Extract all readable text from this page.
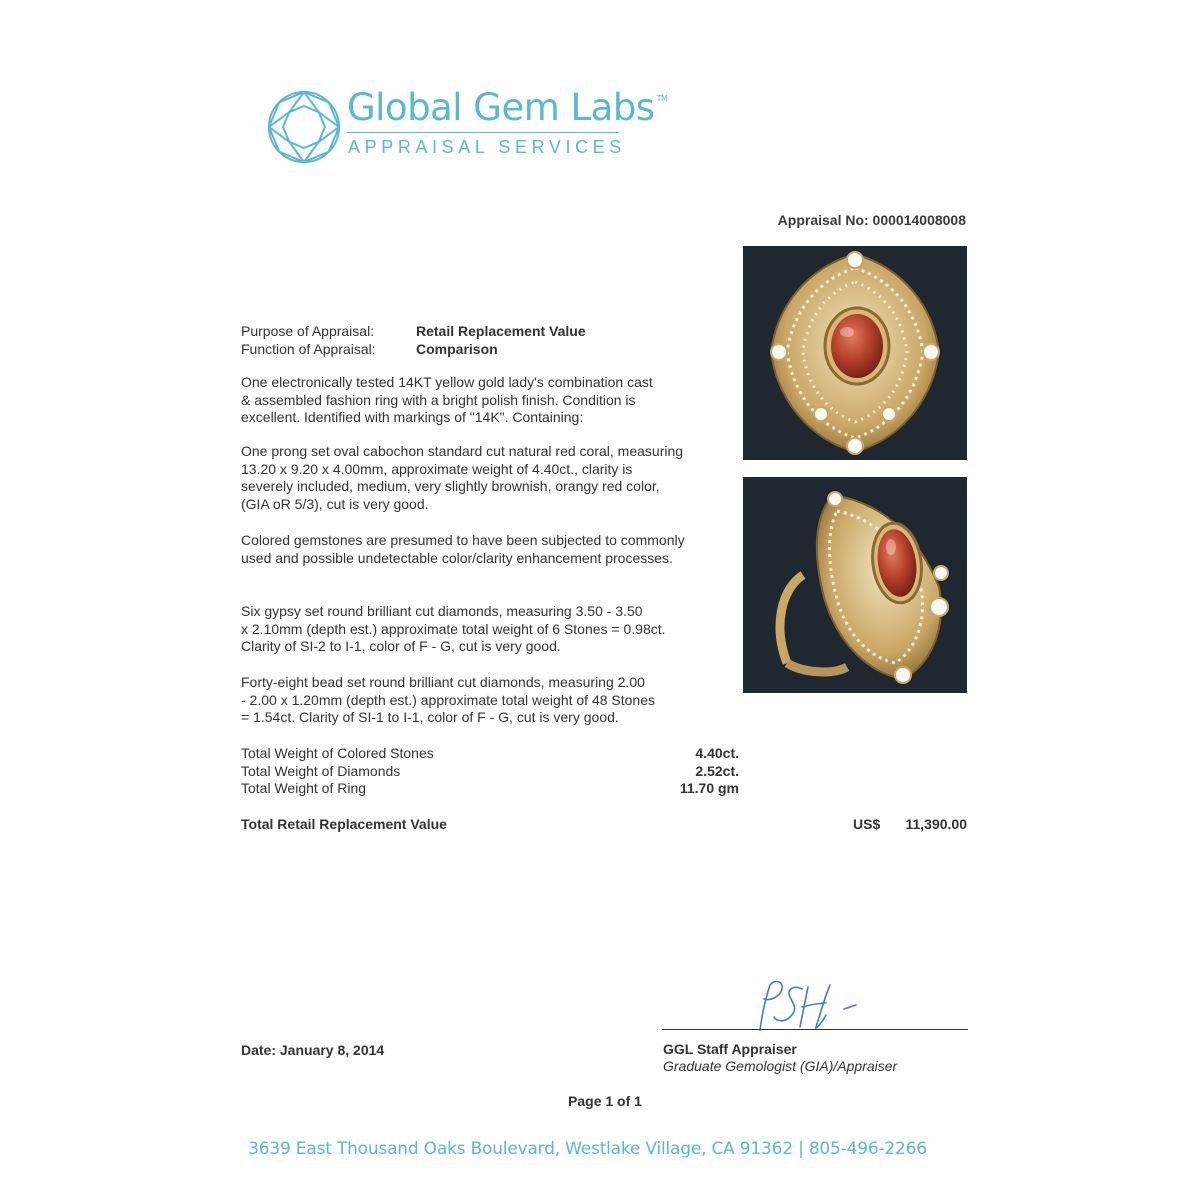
Global Gem Labs ™
APPRAISAL SERVICES
Appraisal No: 000014008008
Purpose of Appraisal:	Retail Replacement Value
Function of Appraisal:	Comparison
One electronically tested 14KT yellow gold lady's combination cast
& assembled fashion ring with a bright polish finish. Condition is
excellent. Identified with markings of "14K". Containing:
One prong set oval cabochon standard cut natural red coral, measuring
13.20 x 9.20 x 4.00mm, approximate weight of 4.40ct., clarity is
severely included, medium, very slightly brownish, orangy red color,
(GIA oR 5/3), cut is very good.
Colored gemstones are presumed to have been subjected to commonly
used and possible undetectable color/clarity enhancement processes.
Six gypsy set round brilliant cut diamonds, measuring 3.50 - 3.50
x 2.10mm (depth est.) approximate total weight of 6 Stones = 0.98ct.
Clarity of SI-2 to I-1, color of F - G, cut is very good.
Forty-eight bead set round brilliant cut diamonds, measuring 2.00
- 2.00 x 1.20mm (depth est.) approximate total weight of 48 Stones
= 1.54ct. Clarity of SI-1 to I-1, color of F - G, cut is very good.
Total Weight of Colored Stones	4.40ct.
Total Weight of Diamonds	2.52ct.
Total Weight of Ring	11.70 gm
Total Retail Replacement Value	US$ 11,390.00
Date: January 8, 2014	GGL Staff Appraiser
Graduate Gemologist (GIA)/Appraiser
Page 1 of 1
3639 East Thousand Oaks Boulevard, Westlake Village, CA 91362 | 805-496-2266
